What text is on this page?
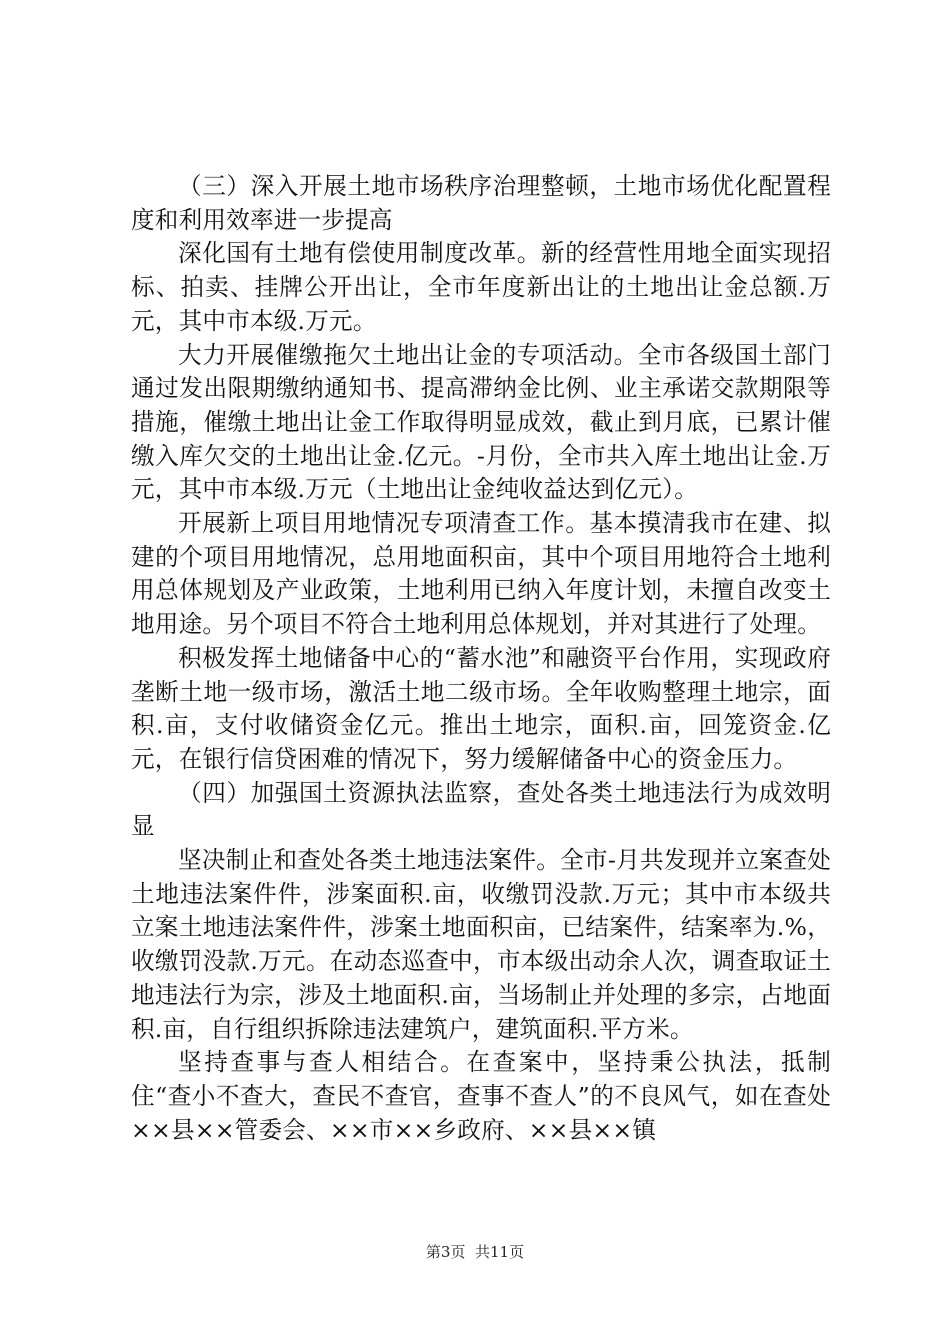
（三）深入开展土地市场秩序治理整顿，土地市场优化配置程度和利用效率进一步提高

深化国有土地有偿使用制度改革。新的经营性用地全面实现招标、拍卖、挂牌公开出让，全市年度新出让的土地出让金总额.万元，其中市本级.万元。

大力开展催缴拖欠土地出让金的专项活动。全市各级国土部门通过发出限期缴纳通知书、提高滞纳金比例、业主承诺交款期限等措施，催缴土地出让金工作取得明显成效，截止到月底，已累计催缴入库欠交的土地出让金.亿元。-月份，全市共入库土地出让金.万元，其中市本级.万元（土地出让金纯收益达到亿元）。

开展新上项目用地情况专项清查工作。基本摸清我市在建、拟建的个项目用地情况，总用地面积亩，其中个项目用地符合土地利用总体规划及产业政策，土地利用已纳入年度计划，未擅自改变土地用途。另个项目不符合土地利用总体规划，并对其进行了处理。

积极发挥土地储备中心的“蓄水池”和融资平台作用，实现政府垄断土地一级市场，激活土地二级市场。全年收购整理土地宗，面积.亩，支付收储资金亿元。推出土地宗，面积.亩，回笼资金.亿元，在银行信贷困难的情况下，努力缓解储备中心的资金压力。

（四）加强国土资源执法监察，查处各类土地违法行为成效明显

坚决制止和查处各类土地违法案件。全市-月共发现并立案查处土地违法案件件，涉案面积.亩，收缴罚没款.万元；其中市本级共立案土地违法案件件，涉案土地面积亩，已结案件，结案率为.%，收缴罚没款.万元。在动态巡查中，市本级出动余人次，调查取证土地违法行为宗，涉及土地面积.亩，当场制止并处理的多宗，占地面积.亩，自行组织拆除违法建筑户，建筑面积.平方米。

坚持查事与查人相结合。在查案中，坚持秉公执法，抵制住“查小不查大，查民不查官，查事不查人”的不良风气，如在查处××县××管委会、××市××乡政府、××县××镇

第3页  共11页
